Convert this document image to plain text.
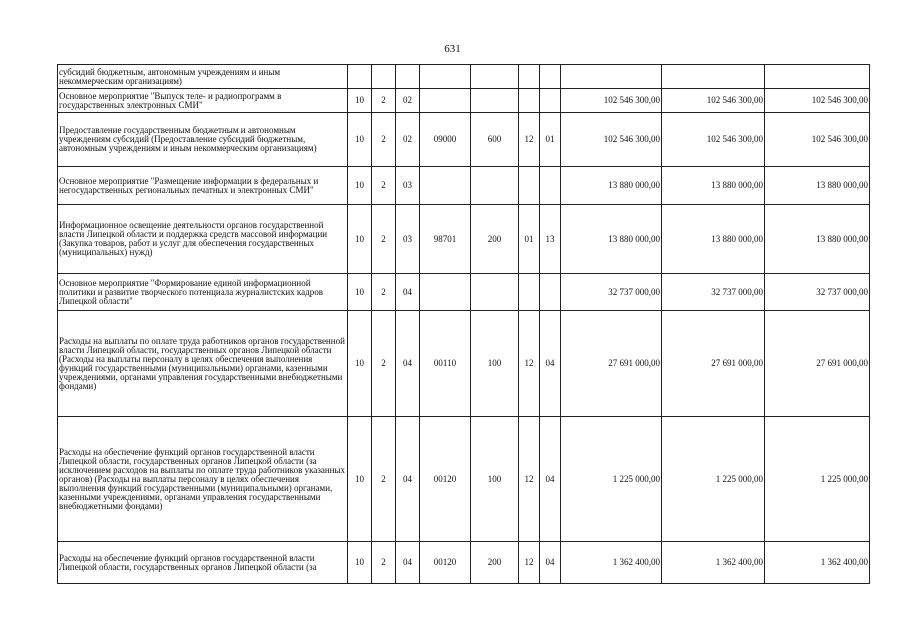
631
субсидий бюджетным, автономным учреждениям и иным некоммерческим организациям)										
Основное мероприятие "Выпуск теле- и радиопрограмм в государственных электронных СМИ"	10	2	02					102 546 300,00	102 546 300,00	102 546 300,00
Предоставление государственным бюджетным и автономным учреждениям субсидий (Предоставление субсидий бюджетным, автономным учреждениям и иным некоммерческим организациям)	10	2	02	09000	600	12	01	102 546 300,00	102 546 300,00	102 546 300,00
Основное мероприятие "Размещение информации в федеральных и негосударственных региональных печатных и электронных СМИ"	10	2	03					13 880 000,00	13 880 000,00	13 880 000,00
Информационное освещение деятельности органов государственной власти Липецкой области и поддержка средств массовой информации (Закупка товаров, работ и услуг для обеспечения государственных (муниципальных) нужд)	10	2	03	98701	200	01	13	13 880 000,00	13 880 000,00	13 880 000,00
Основное мероприятие "Формирование единой информационной политики и развитие творческого потенциала журналистских кадров Липецкой области"	10	2	04					32 737 000,00	32 737 000,00	32 737 000,00
Расходы на выплаты по оплате труда работников органов государственной власти Липецкой области, государственных органов Липецкой области (Расходы на выплаты персоналу в целях обеспечения выполнения функций государственными (муниципальными) органами, казенными учреждениями, органами управления государственными внебюджетными фондами)	10	2	04	00110	100	12	04	27 691 000,00	27 691 000,00	27 691 000,00
Расходы на обеспечение функций органов государственной власти Липецкой области, государственных органов Липецкой области (за исключением расходов на выплаты по оплате труда работников указанных органов) (Расходы на выплаты персоналу в целях обеспечения выполнения функций государственными (муниципальными) органами, казенными учреждениями, органами управления государственными внебюджетными фондами)	10	2	04	00120	100	12	04	1 225 000,00	1 225 000,00	1 225 000,00
Расходы на обеспечение функций органов государственной власти Липецкой области, государственных органов Липецкой области (за	10	2	04	00120	200	12	04	1 362 400,00	1 362 400,00	1 362 400,00
